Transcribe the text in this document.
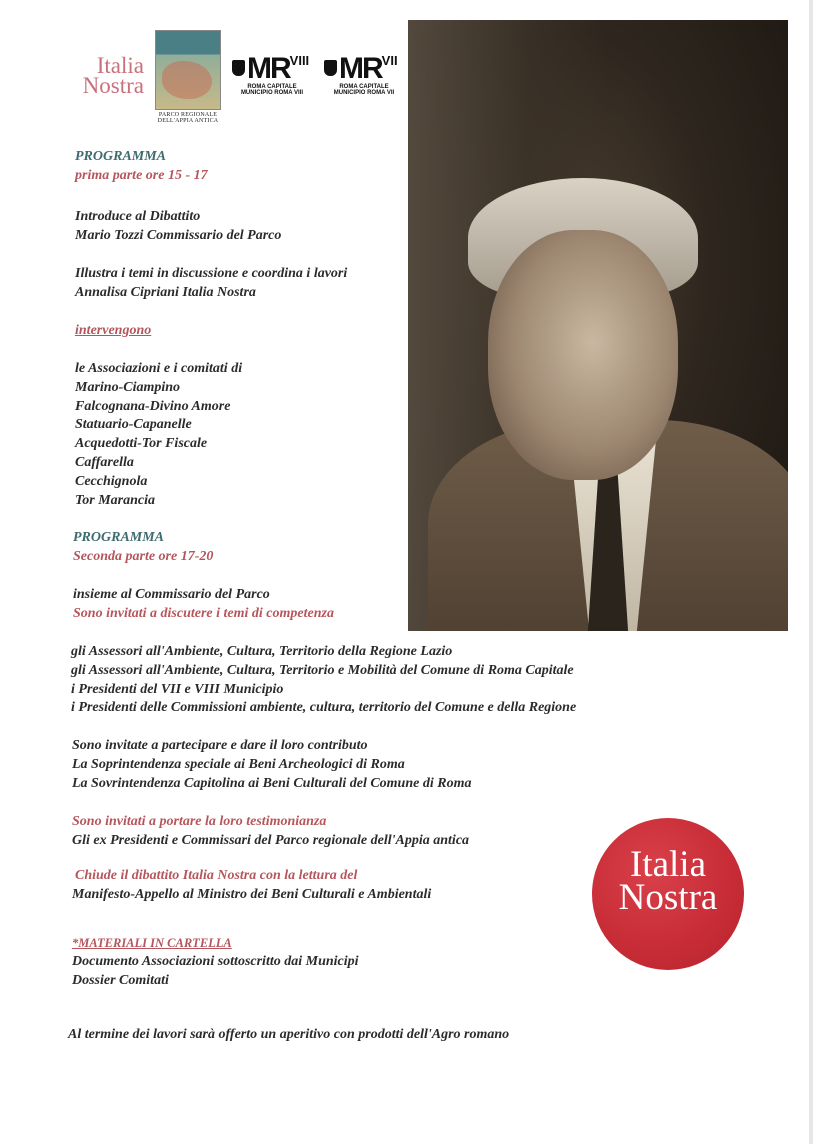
Italia
Nostra
PARCO REGIONALE
DELL'APPIA ANTICA
$MR^{VIII}$
ROMA CAPITALE
MUNICIPIO ROMA VIII
$MR^{VII}$
ROMA CAPITALE
MUNICIPIO ROMA VII
PROGRAMMA
prima parte ore 15 - 17
Introduce al Dibattito
Mario Tozzi Commissario del Parco
Illustra i temi in discussione e coordina i lavori
Annalisa Cipriani Italia Nostra
intervengono
le Associazioni e i comitati di
Marino-Ciampino
Falcognana-Divino Amore
Statuario-Capanelle
Acquedotti-Tor Fiscale
Caffarella
Cecchignola
Tor Marancia
PROGRAMMA
Seconda parte ore 17-20
insieme al Commissario del Parco
Sono invitati a discutere i temi di competenza
gli Assessori all'Ambiente, Cultura, Territorio della Regione Lazio
gli Assessori all'Ambiente, Cultura, Territorio e Mobilità del Comune di Roma Capitale
i Presidenti del VII e VIII Municipio
i Presidenti delle Commissioni ambiente, cultura, territorio del Comune e della Regione
Sono invitate a partecipare e dare il loro contributo
La Soprintendenza speciale ai Beni Archeologici di Roma
La Sovrintendenza Capitolina ai Beni Culturali del Comune di Roma
Sono invitati a portare la loro testimonianza
Gli ex Presidenti e Commissari del Parco regionale dell'Appia antica
Chiude il dibattito Italia Nostra con la lettura del
Manifesto-Appello al Ministro dei Beni Culturali e Ambientali
*MATERIALI IN CARTELLA
Documento Associazioni sottoscritto dai Municipi
Dossier Comitati
Al termine dei lavori sarà offerto un aperitivo con prodotti dell'Agro romano
Italia
Nostra
